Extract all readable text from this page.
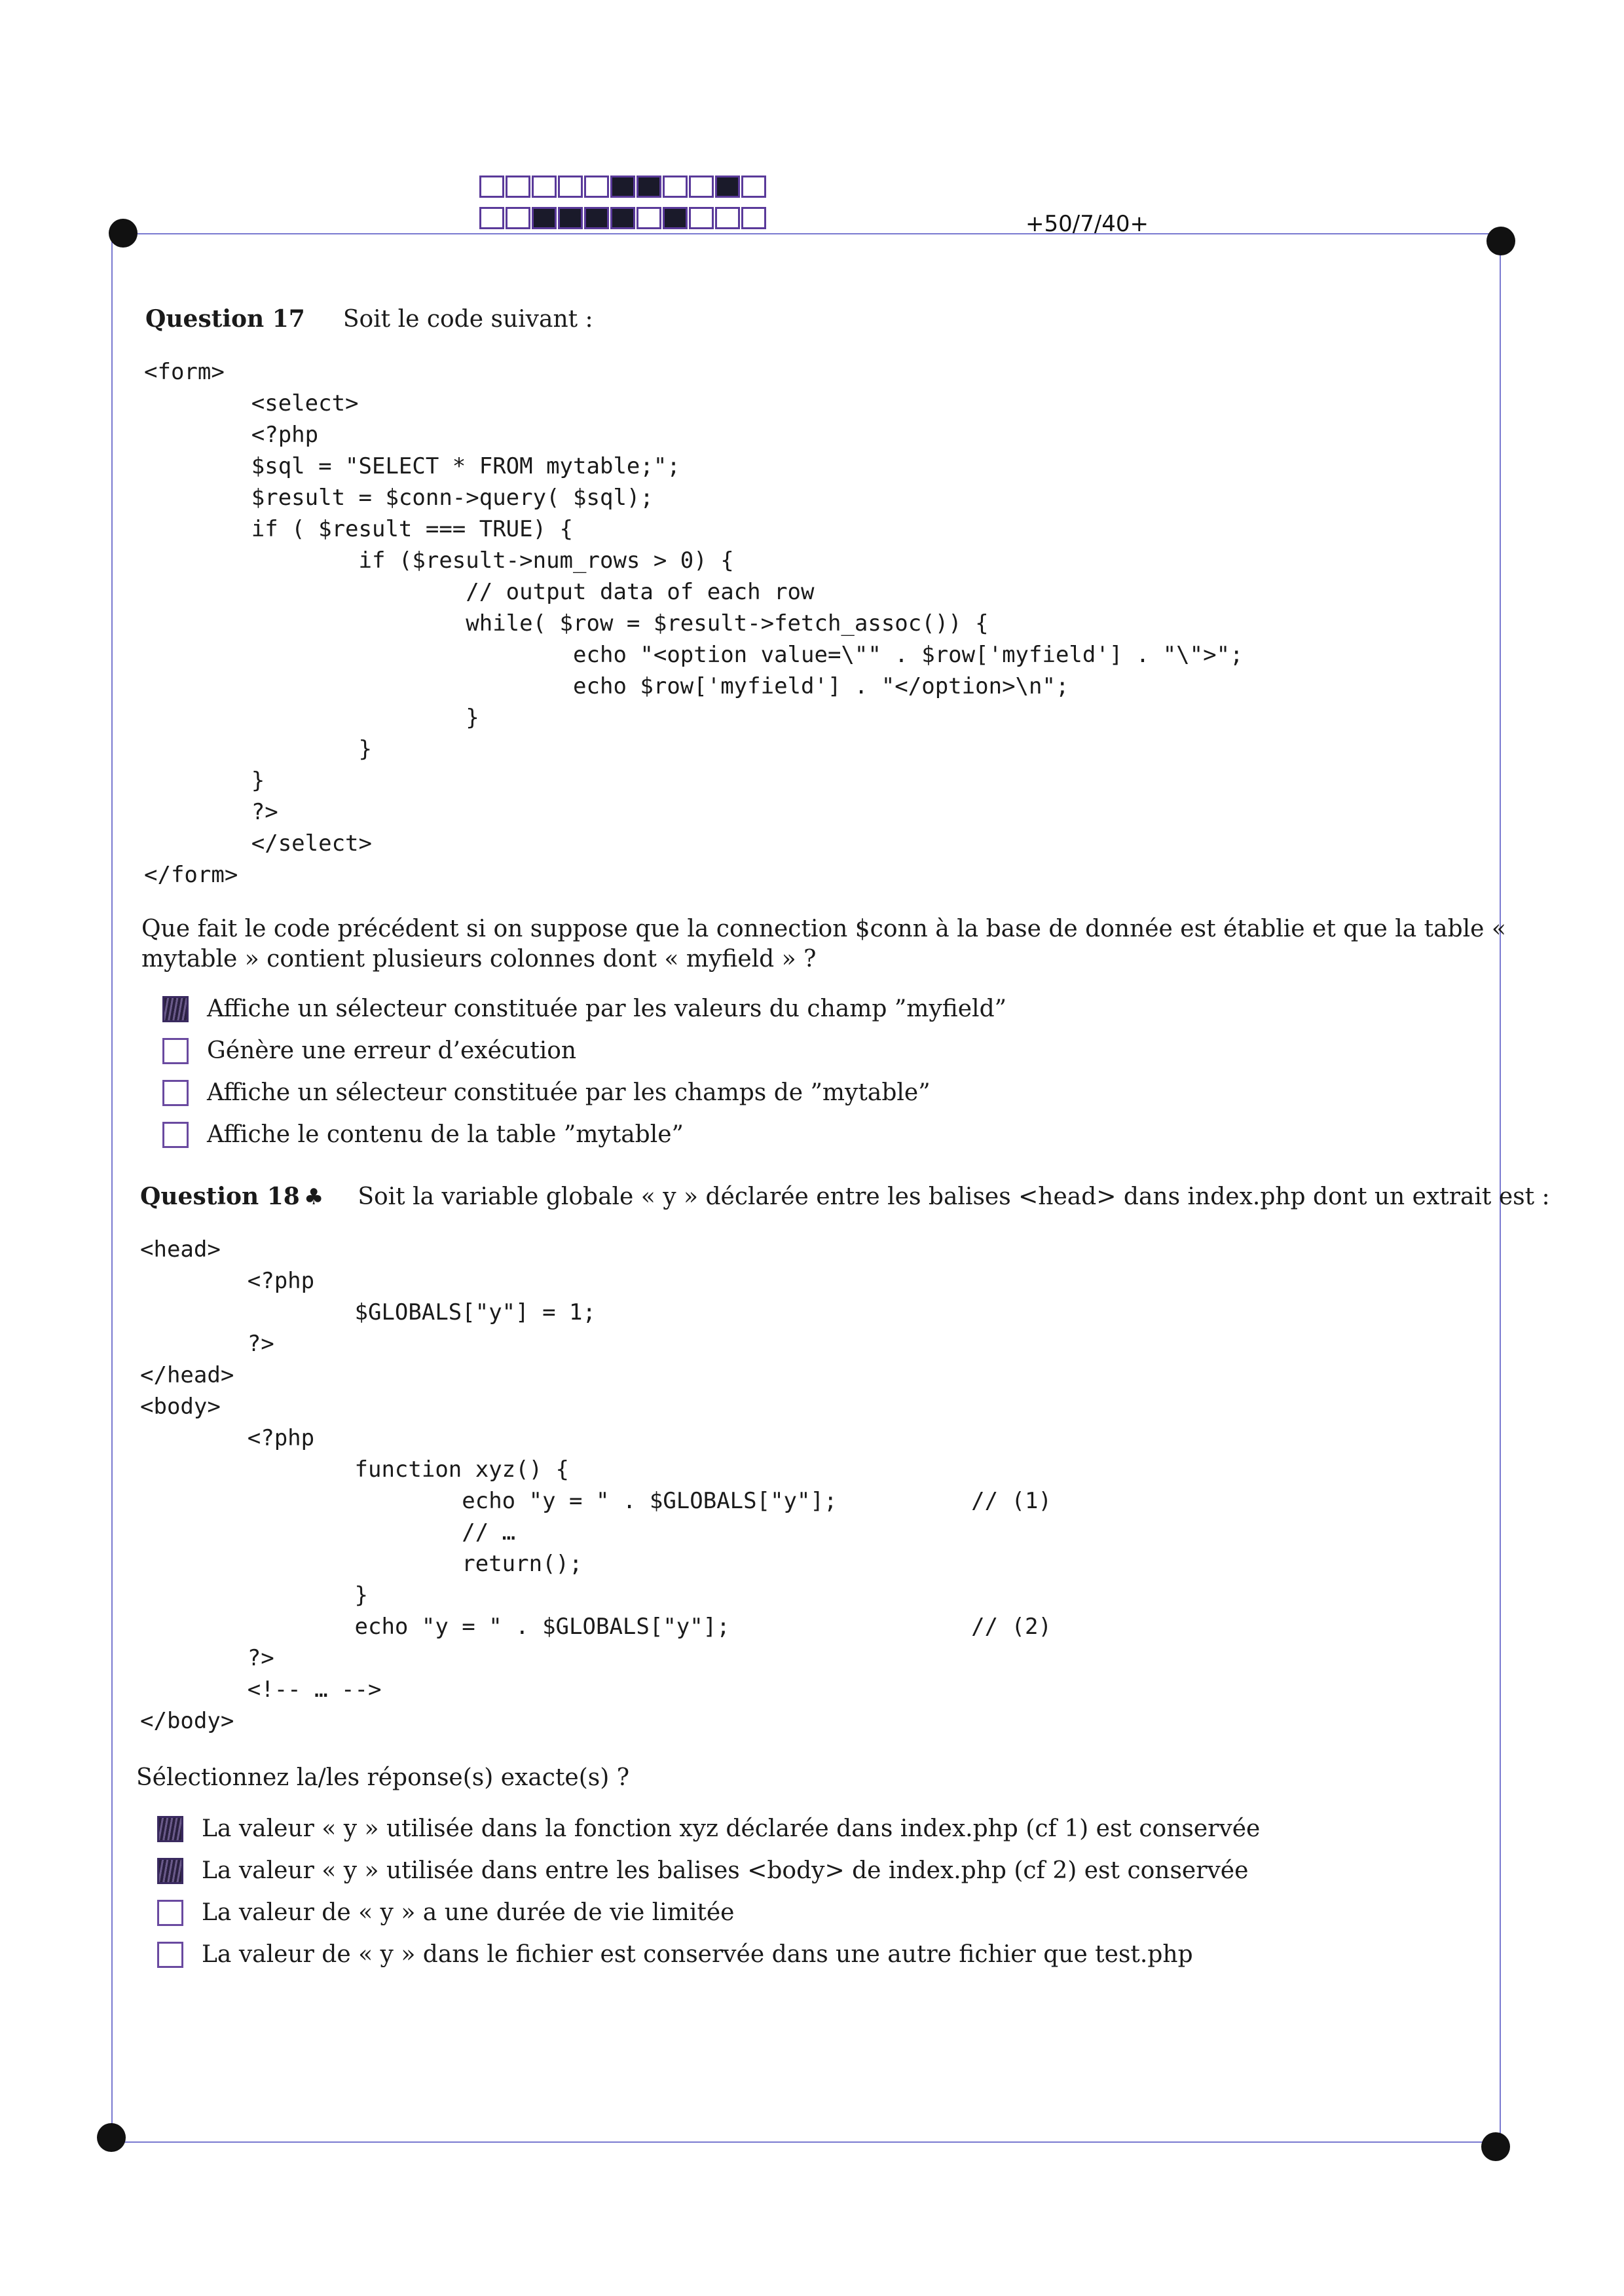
+50/7/40+
Question 17 Soit le code suivant :
<form>
<select>
<?php
$sql = "SELECT * FROM mytable;";
$result = $conn->query( $sql);
if ( $result === TRUE) {
if ($result->num_rows > 0) {
// output data of each row
while( $row = $result->fetch_assoc()) {
echo "<option value=\"" . $row['myfield'] . "\">";
echo $row['myfield'] . "</option>\n";
}
}
}
?>
</select>
</form>
Que fait le code précédent si on suppose que la connection $conn à la base de donnée est établie et que la table « mytable » contient plusieurs colonnes dont « myfield » ?
Affiche un sélecteur constituée par les valeurs du champ ”myfield”
Génère une erreur d’exécution
Affiche un sélecteur constituée par les champs de ”mytable”
Affiche le contenu de la table ”mytable”
Question 18 ♣ Soit la variable globale « y » déclarée entre les balises <head> dans index.php dont un extrait est :
<head>
<?php
$GLOBALS["y"] = 1;
?>
</head>
<body>
<?php
function xyz() {
echo "y = " . $GLOBALS["y"];          // (1)
// …
return();
}
echo "y = " . $GLOBALS["y"];                  // (2)
?>
<!-- … -->
</body>
Sélectionnez la/les réponse(s) exacte(s) ?
La valeur « y » utilisée dans la fonction xyz déclarée dans index.php (cf 1) est conservée
La valeur « y » utilisée dans entre les balises <body> de index.php (cf 2) est conservée
La valeur de « y » a une durée de vie limitée
La valeur de « y » dans le fichier est conservée dans une autre fichier que test.php
